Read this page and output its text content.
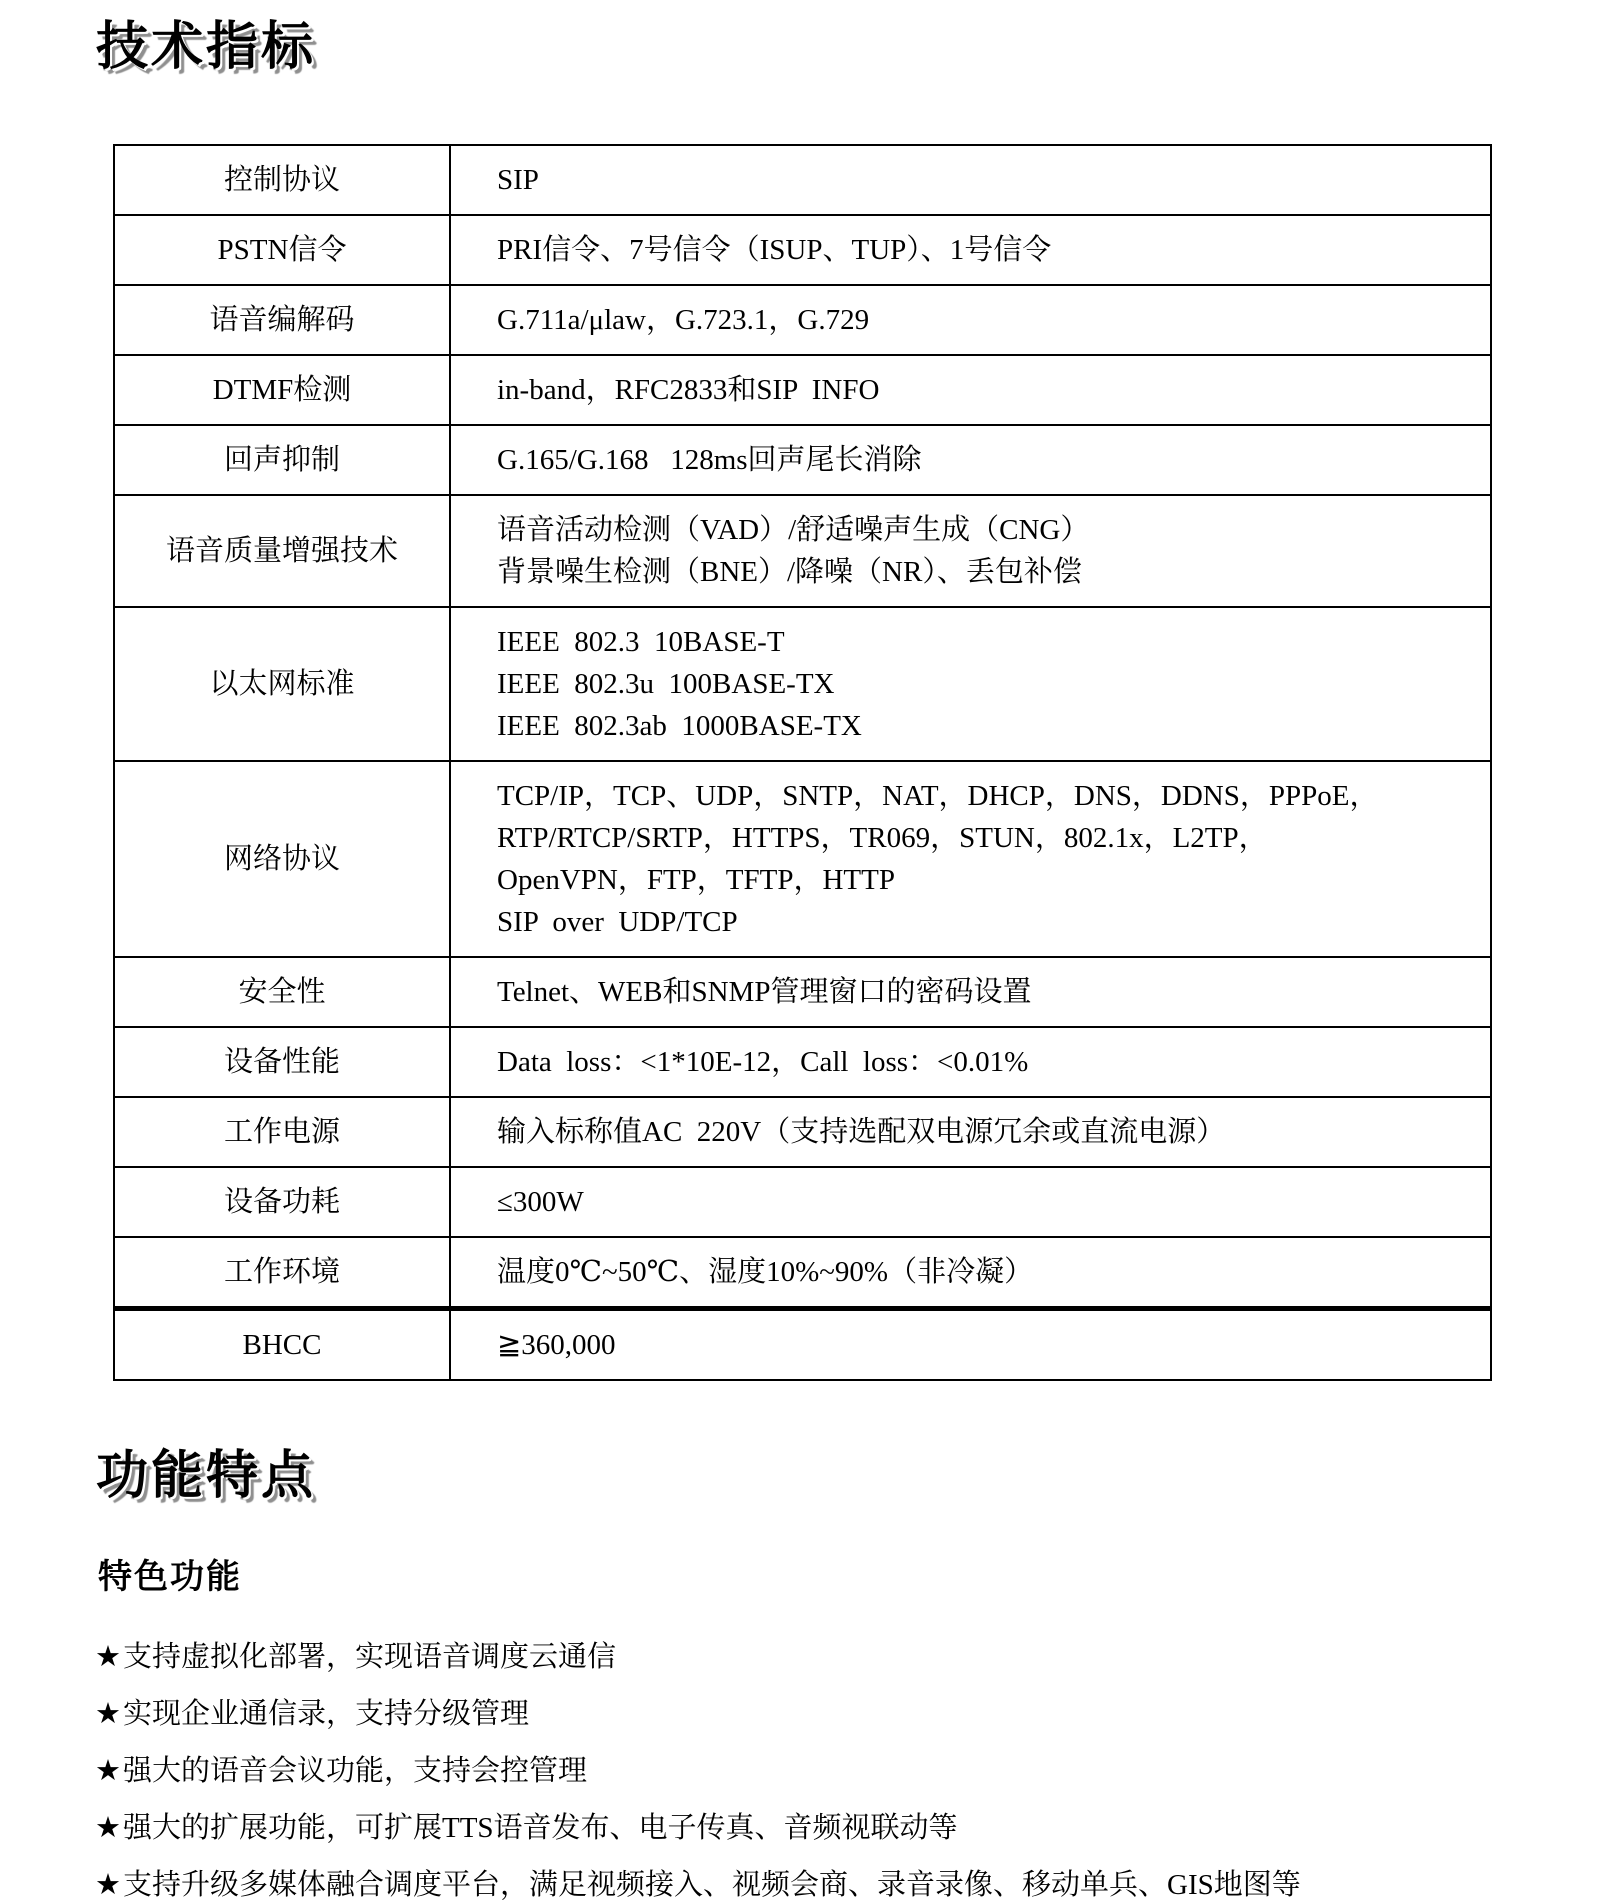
技术指标
控制协议	SIP

PSTN信令	PRI信令、7号信令（ISUP、TUP）、1号信令

语音编解码	G.711a/μlaw，G.723.1，G.729

DTMF检测	in-band，RFC2833和SIP  INFO

回声抑制	G.165/G.168   128ms回声尾长消除

语音质量增强技术	语音活动检测（VAD）/舒适噪声生成（CNG）
背景噪生检测（BNE）/降噪（NR）、丢包补偿

以太网标准	IEEE  802.3  10BASE-T
IEEE  802.3u  100BASE-TX
IEEE  802.3ab  1000BASE-TX

网络协议	TCP/IP，TCP、UDP，SNTP，NAT，DHCP，DNS，DDNS，PPPoE，
RTP/RTCP/SRTP，HTTPS，TR069，STUN，802.1x，L2TP，
OpenVPN，FTP，TFTP，HTTP
SIP  over  UDP/TCP

安全性	Telnet、WEB和SNMP管理窗口的密码设置

设备性能	Data  loss：<1*10E-12，Call  loss：<0.01%

工作电源	输入标称值AC  220V（支持选配双电源冗余或直流电源）

设备功耗	≤300W

工作环境	温度0℃~50℃、湿度10%~90%（非冷凝）

BHCC	≧360,000
功能特点
特色功能
★支持虚拟化部署，实现语音调度云通信
★实现企业通信录，支持分级管理
★强大的语音会议功能，支持会控管理
★强大的扩展功能，可扩展TTS语音发布、电子传真、音频视联动等
★支持升级多媒体融合调度平台，满足视频接入、视频会商、录音录像、移动单兵、GIS地图等
